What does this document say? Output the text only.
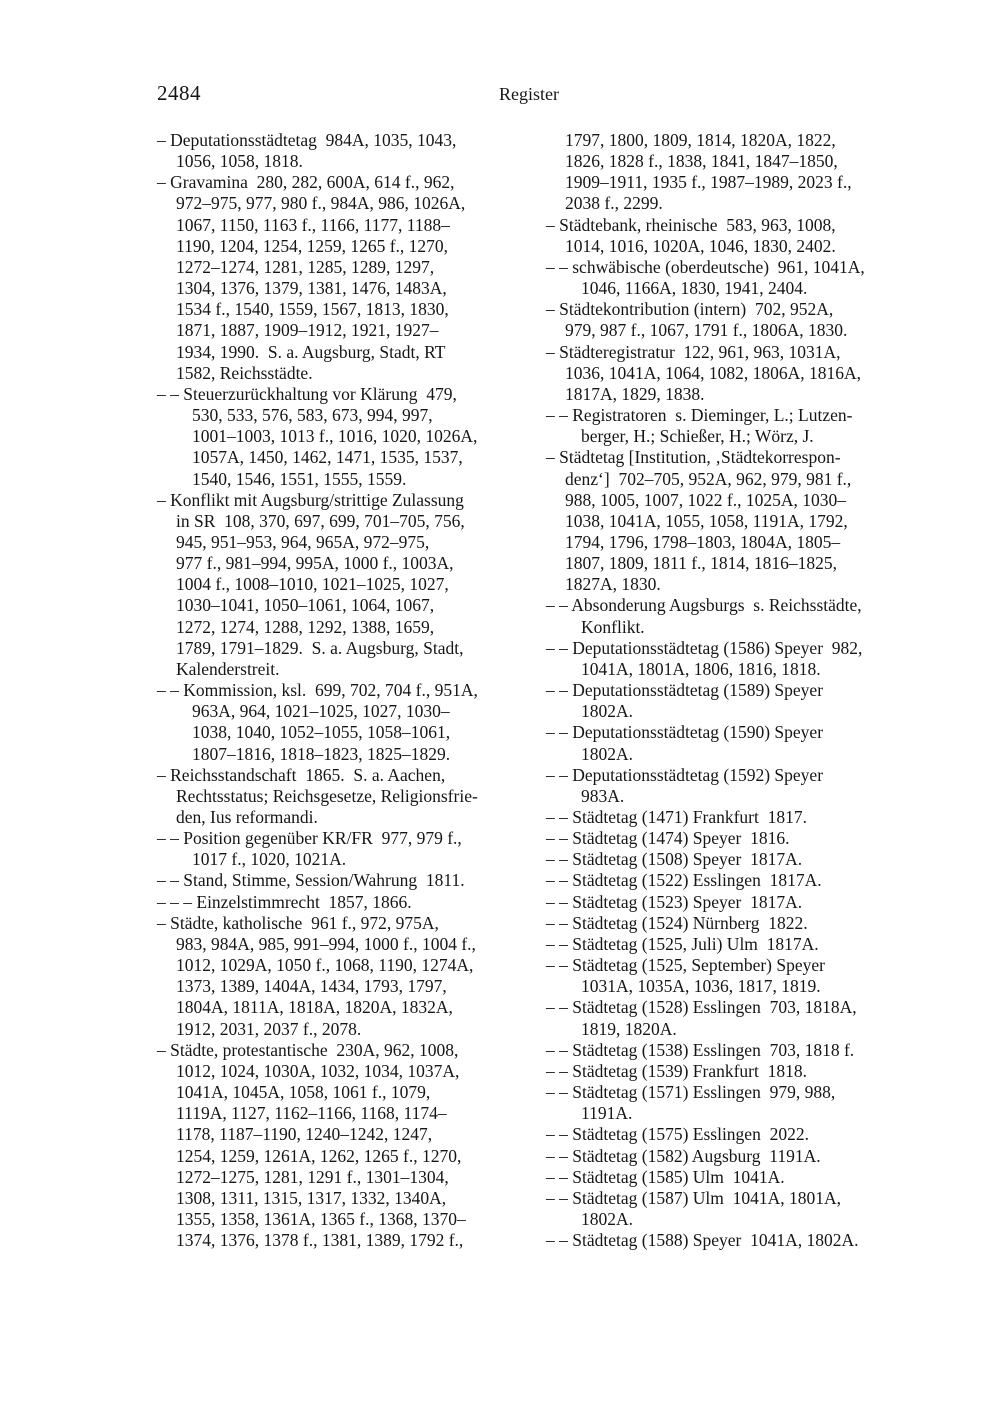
2484	Register
– Deputationsstädtetag  984A, 1035, 1043,
1056, 1058, 1818.
– Gravamina  280, 282, 600A, 614 f., 962,
972–975, 977, 980 f., 984A, 986, 1026A,
1067, 1150, 1163 f., 1166, 1177, 1188–
1190, 1204, 1254, 1259, 1265 f., 1270,
1272–1274, 1281, 1285, 1289, 1297,
1304, 1376, 1379, 1381, 1476, 1483A,
1534 f., 1540, 1559, 1567, 1813, 1830,
1871, 1887, 1909–1912, 1921, 1927–
1934, 1990.  S. a. Augsburg, Stadt, RT
1582, Reichsstädte.
– – Steuerzurückhaltung vor Klärung  479,
530, 533, 576, 583, 673, 994, 997,
1001–1003, 1013 f., 1016, 1020, 1026A,
1057A, 1450, 1462, 1471, 1535, 1537,
1540, 1546, 1551, 1555, 1559.
– Konflikt mit Augsburg/strittige Zulassung
in SR  108, 370, 697, 699, 701–705, 756,
945, 951–953, 964, 965A, 972–975,
977 f., 981–994, 995A, 1000 f., 1003A,
1004 f., 1008–1010, 1021–1025, 1027,
1030–1041, 1050–1061, 1064, 1067,
1272, 1274, 1288, 1292, 1388, 1659,
1789, 1791–1829.  S. a. Augsburg, Stadt,
Kalenderstreit.
– – Kommission, ksl.  699, 702, 704 f., 951A,
963A, 964, 1021–1025, 1027, 1030–
1038, 1040, 1052–1055, 1058–1061,
1807–1816, 1818–1823, 1825–1829.
– Reichsstandschaft  1865.  S. a. Aachen,
Rechtsstatus; Reichsgesetze, Religionsfrie-
den, Ius reformandi.
– – Position gegenüber KR/FR  977, 979 f.,
1017 f., 1020, 1021A.
– – Stand, Stimme, Session/Wahrung  1811.
– – – Einzelstimmrecht  1857, 1866.
– Städte, katholische  961 f., 972, 975A,
983, 984A, 985, 991–994, 1000 f., 1004 f.,
1012, 1029A, 1050 f., 1068, 1190, 1274A,
1373, 1389, 1404A, 1434, 1793, 1797,
1804A, 1811A, 1818A, 1820A, 1832A,
1912, 2031, 2037 f., 2078.
– Städte, protestantische  230A, 962, 1008,
1012, 1024, 1030A, 1032, 1034, 1037A,
1041A, 1045A, 1058, 1061 f., 1079,
1119A, 1127, 1162–1166, 1168, 1174–
1178, 1187–1190, 1240–1242, 1247,
1254, 1259, 1261A, 1262, 1265 f., 1270,
1272–1275, 1281, 1291 f., 1301–1304,
1308, 1311, 1315, 1317, 1332, 1340A,
1355, 1358, 1361A, 1365 f., 1368, 1370–
1374, 1376, 1378 f., 1381, 1389, 1792 f.,
1797, 1800, 1809, 1814, 1820A, 1822,
1826, 1828 f., 1838, 1841, 1847–1850,
1909–1911, 1935 f., 1987–1989, 2023 f.,
2038 f., 2299.
– Städtebank, rheinische  583, 963, 1008,
1014, 1016, 1020A, 1046, 1830, 2402.
– – schwäbische (oberdeutsche)  961, 1041A,
1046, 1166A, 1830, 1941, 2404.
– Städtekontribution (intern)  702, 952A,
979, 987 f., 1067, 1791 f., 1806A, 1830.
– Städteregistratur  122, 961, 963, 1031A,
1036, 1041A, 1064, 1082, 1806A, 1816A,
1817A, 1829, 1838.
– – Registratoren  s. Dieminger, L.; Lutzen-
berger, H.; Schießer, H.; Wörz, J.
– Städtetag [Institution, ‚Städtekorrespon-
denz‘]  702–705, 952A, 962, 979, 981 f.,
988, 1005, 1007, 1022 f., 1025A, 1030–
1038, 1041A, 1055, 1058, 1191A, 1792,
1794, 1796, 1798–1803, 1804A, 1805–
1807, 1809, 1811 f., 1814, 1816–1825,
1827A, 1830.
– – Absonderung Augsburgs  s. Reichsstädte,
Konflikt.
– – Deputationsstädtetag (1586) Speyer  982,
1041A, 1801A, 1806, 1816, 1818.
– – Deputationsstädtetag (1589) Speyer
1802A.
– – Deputationsstädtetag (1590) Speyer
1802A.
– – Deputationsstädtetag (1592) Speyer
983A.
– – Städtetag (1471) Frankfurt  1817.
– – Städtetag (1474) Speyer  1816.
– – Städtetag (1508) Speyer  1817A.
– – Städtetag (1522) Esslingen  1817A.
– – Städtetag (1523) Speyer  1817A.
– – Städtetag (1524) Nürnberg  1822.
– – Städtetag (1525, Juli) Ulm  1817A.
– – Städtetag (1525, September) Speyer
1031A, 1035A, 1036, 1817, 1819.
– – Städtetag (1528) Esslingen  703, 1818A,
1819, 1820A.
– – Städtetag (1538) Esslingen  703, 1818 f.
– – Städtetag (1539) Frankfurt  1818.
– – Städtetag (1571) Esslingen  979, 988,
1191A.
– – Städtetag (1575) Esslingen  2022.
– – Städtetag (1582) Augsburg  1191A.
– – Städtetag (1585) Ulm  1041A.
– – Städtetag (1587) Ulm  1041A, 1801A,
1802A.
– – Städtetag (1588) Speyer  1041A, 1802A.
